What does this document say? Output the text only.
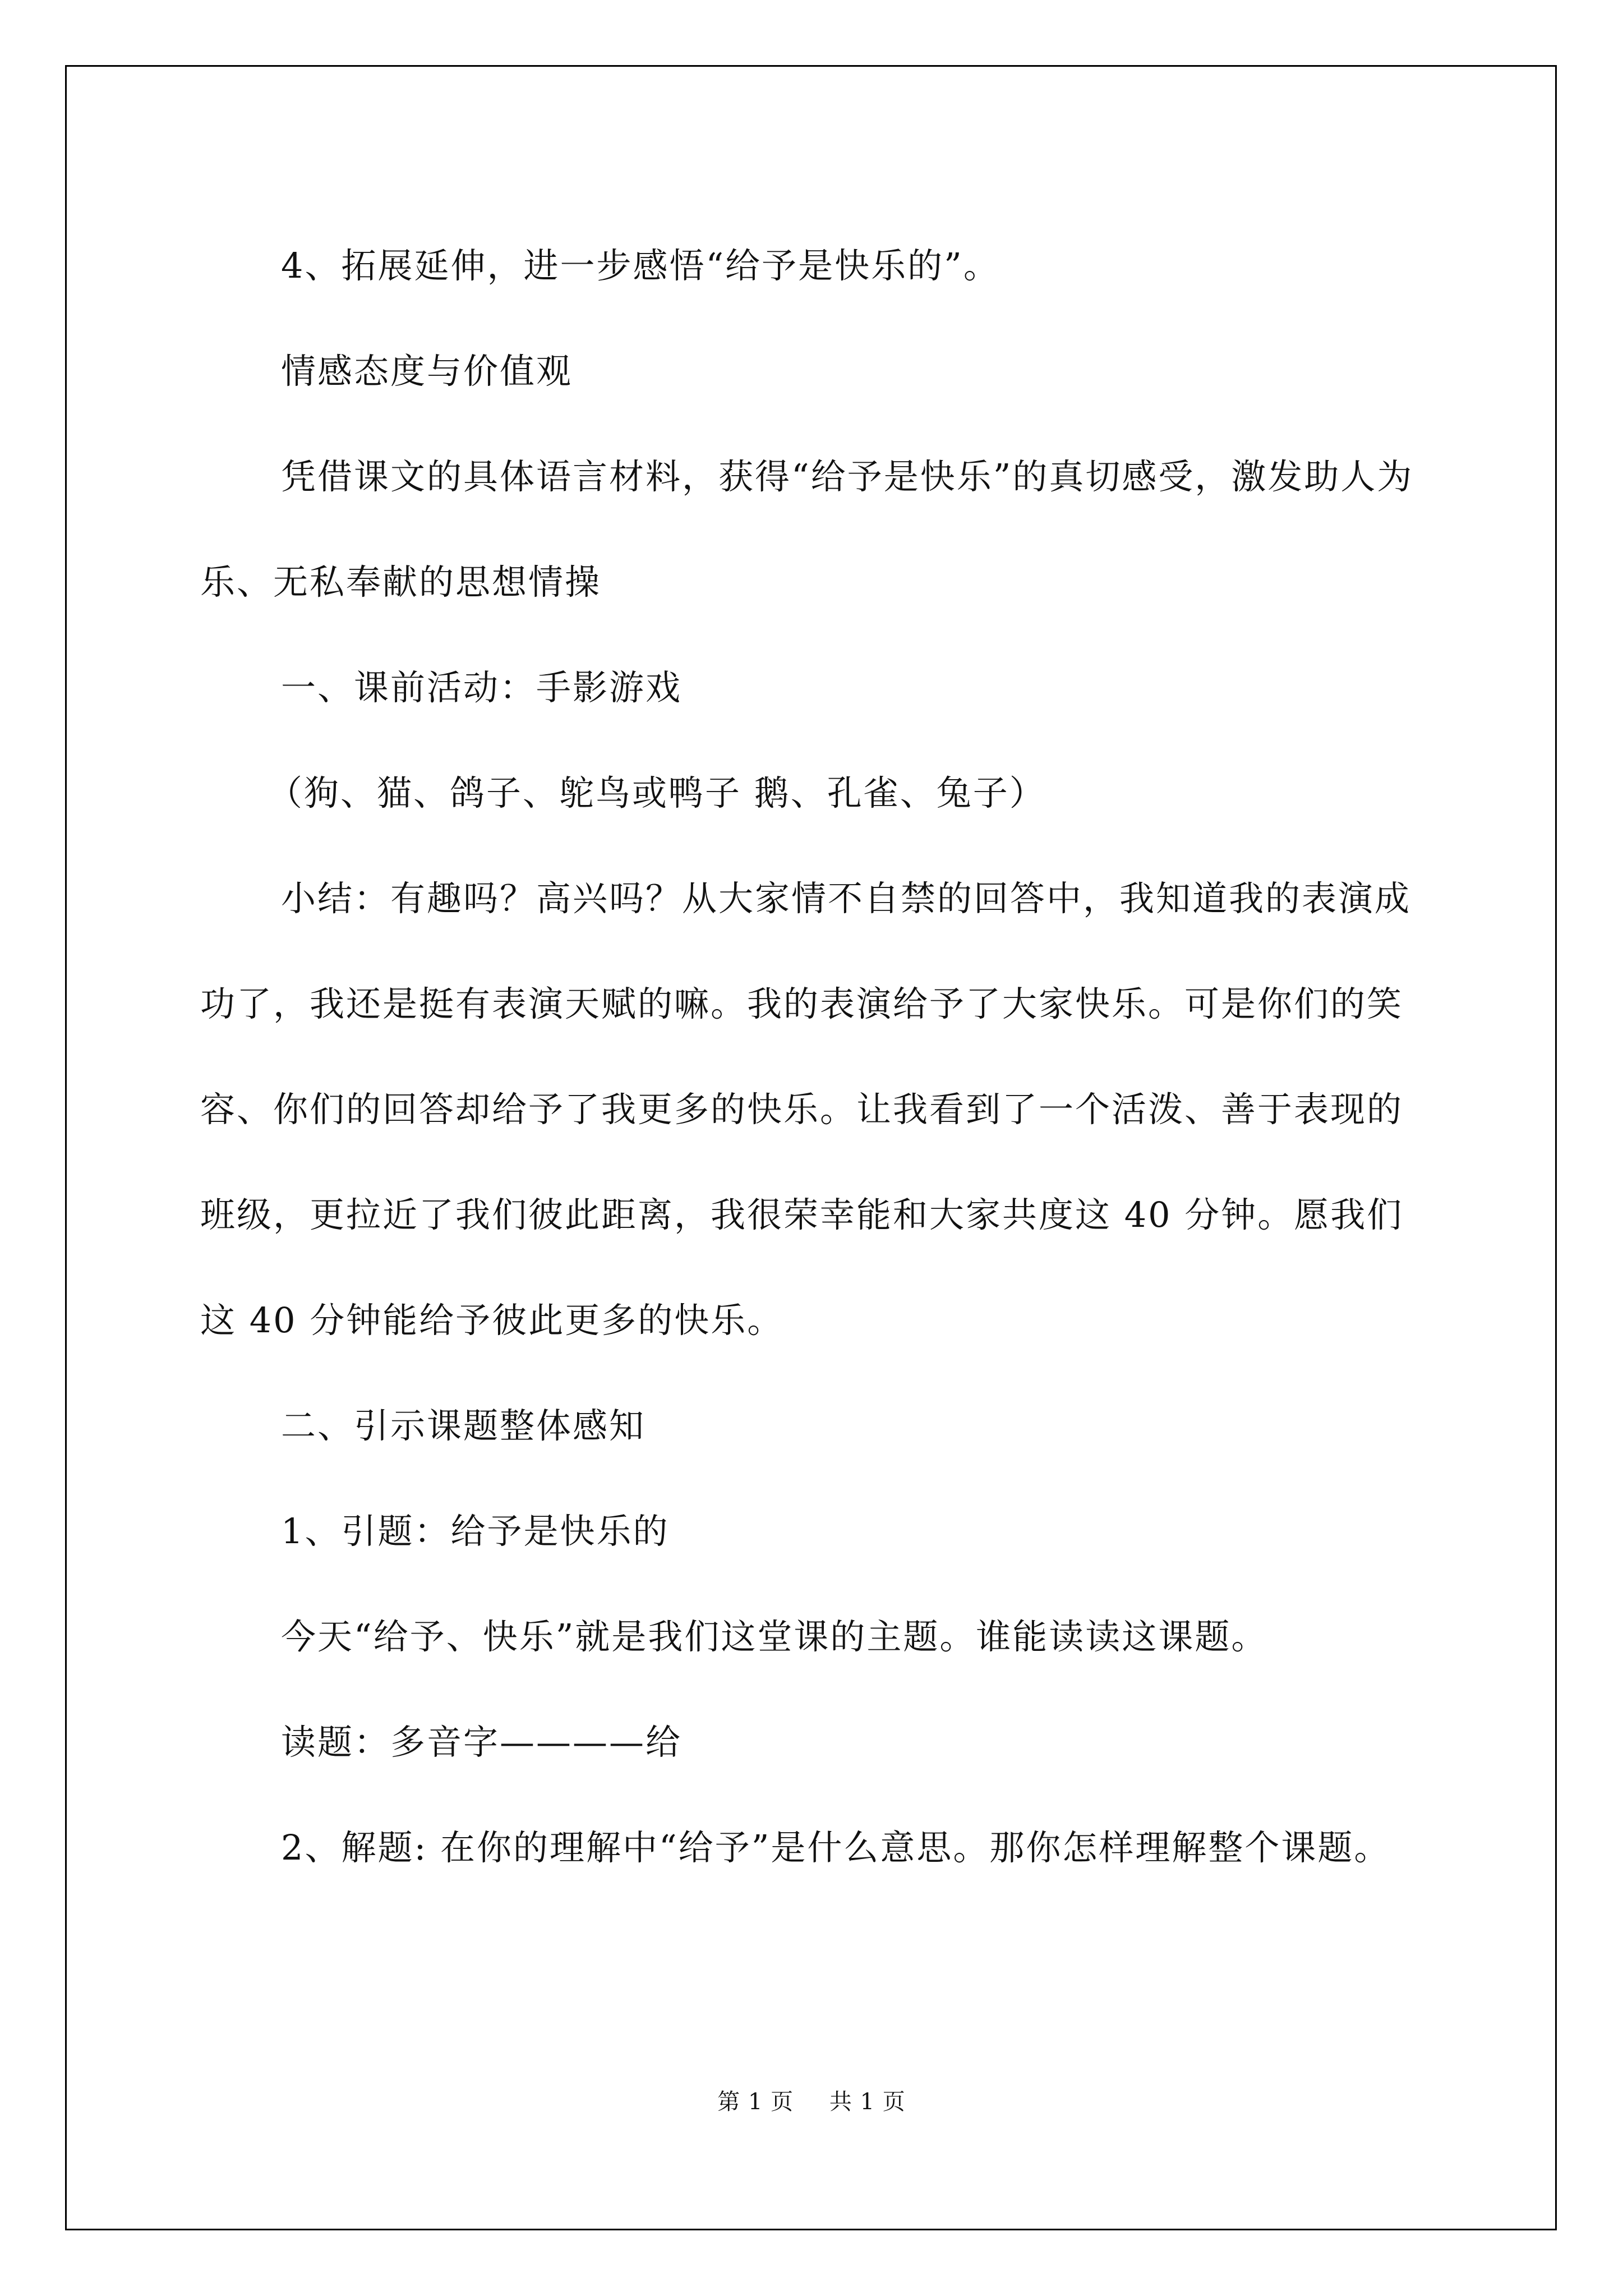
4、拓展延伸，进一步感悟“给予是快乐的”。

情感态度与价值观

凭借课文的具体语言材料，获得“给予是快乐”的真切感受，激发助人为乐、无私奉献的思想情操

一、课前活动：手影游戏

（狗、猫、鸽子、鸵鸟或鸭子 鹅、孔雀、兔子）

小结：有趣吗？高兴吗？从大家情不自禁的回答中，我知道我的表演成功了，我还是挺有表演天赋的嘛。我的表演给予了大家快乐。可是你们的笑容、你们的回答却给予了我更多的快乐。让我看到了一个活泼、善于表现的班级，更拉近了我们彼此距离，我很荣幸能和大家共度这 40 分钟。愿我们这 40 分钟能给予彼此更多的快乐。

二、引示课题整体感知

1、引题：给予是快乐的

今天“给予、快乐”就是我们这堂课的主题。谁能读读这课题。

读题：多音字————给

2、解题: 在你的理解中“给予”是什么意思。那你怎样理解整个课题。

第 1 页 共 1 页
